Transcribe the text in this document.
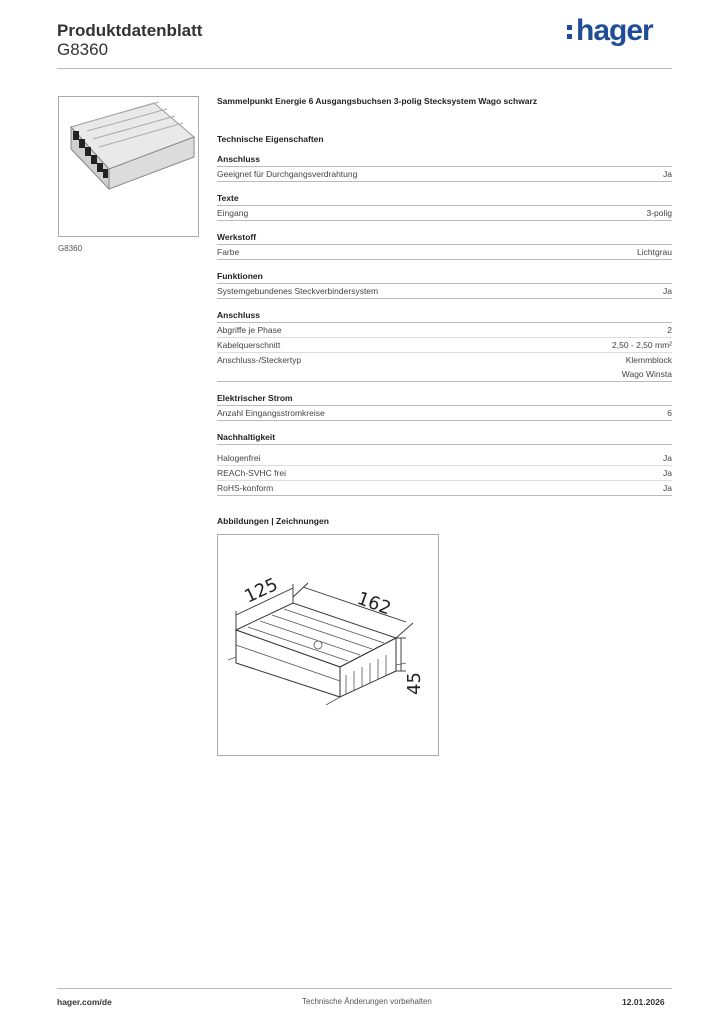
Produktdatenblatt
G8360
hager
G8360
Sammelpunkt Energie 6 Ausgangsbuchsen 3-polig Stecksystem Wago schwarz
Technische Eigenschaften
Anschluss
Geeignet für Durchgangsverdrahtung	Ja
Texte
Eingang	3-polig
Werkstoff
Farbe	Lichtgrau
Funktionen
Systemgebundenes Steckverbindersystem	Ja
Anschluss
Abgriffe je Phase	2
Kabelquerschnitt	2,50 - 2,50 mm²
Anschluss-/Steckertyp	Klemmblock
Wago Winsta
Elektrischer Strom
Anzahl Eingangsstromkreise	6
Nachhaltigkeit
Halogenfrei	Ja
REACh-SVHC frei	Ja
RoHS-konform	Ja
Abbildungen | Zeichnungen
125	162
45
hager.com/de	Technische Änderungen vorbehalten	12.01.2026
